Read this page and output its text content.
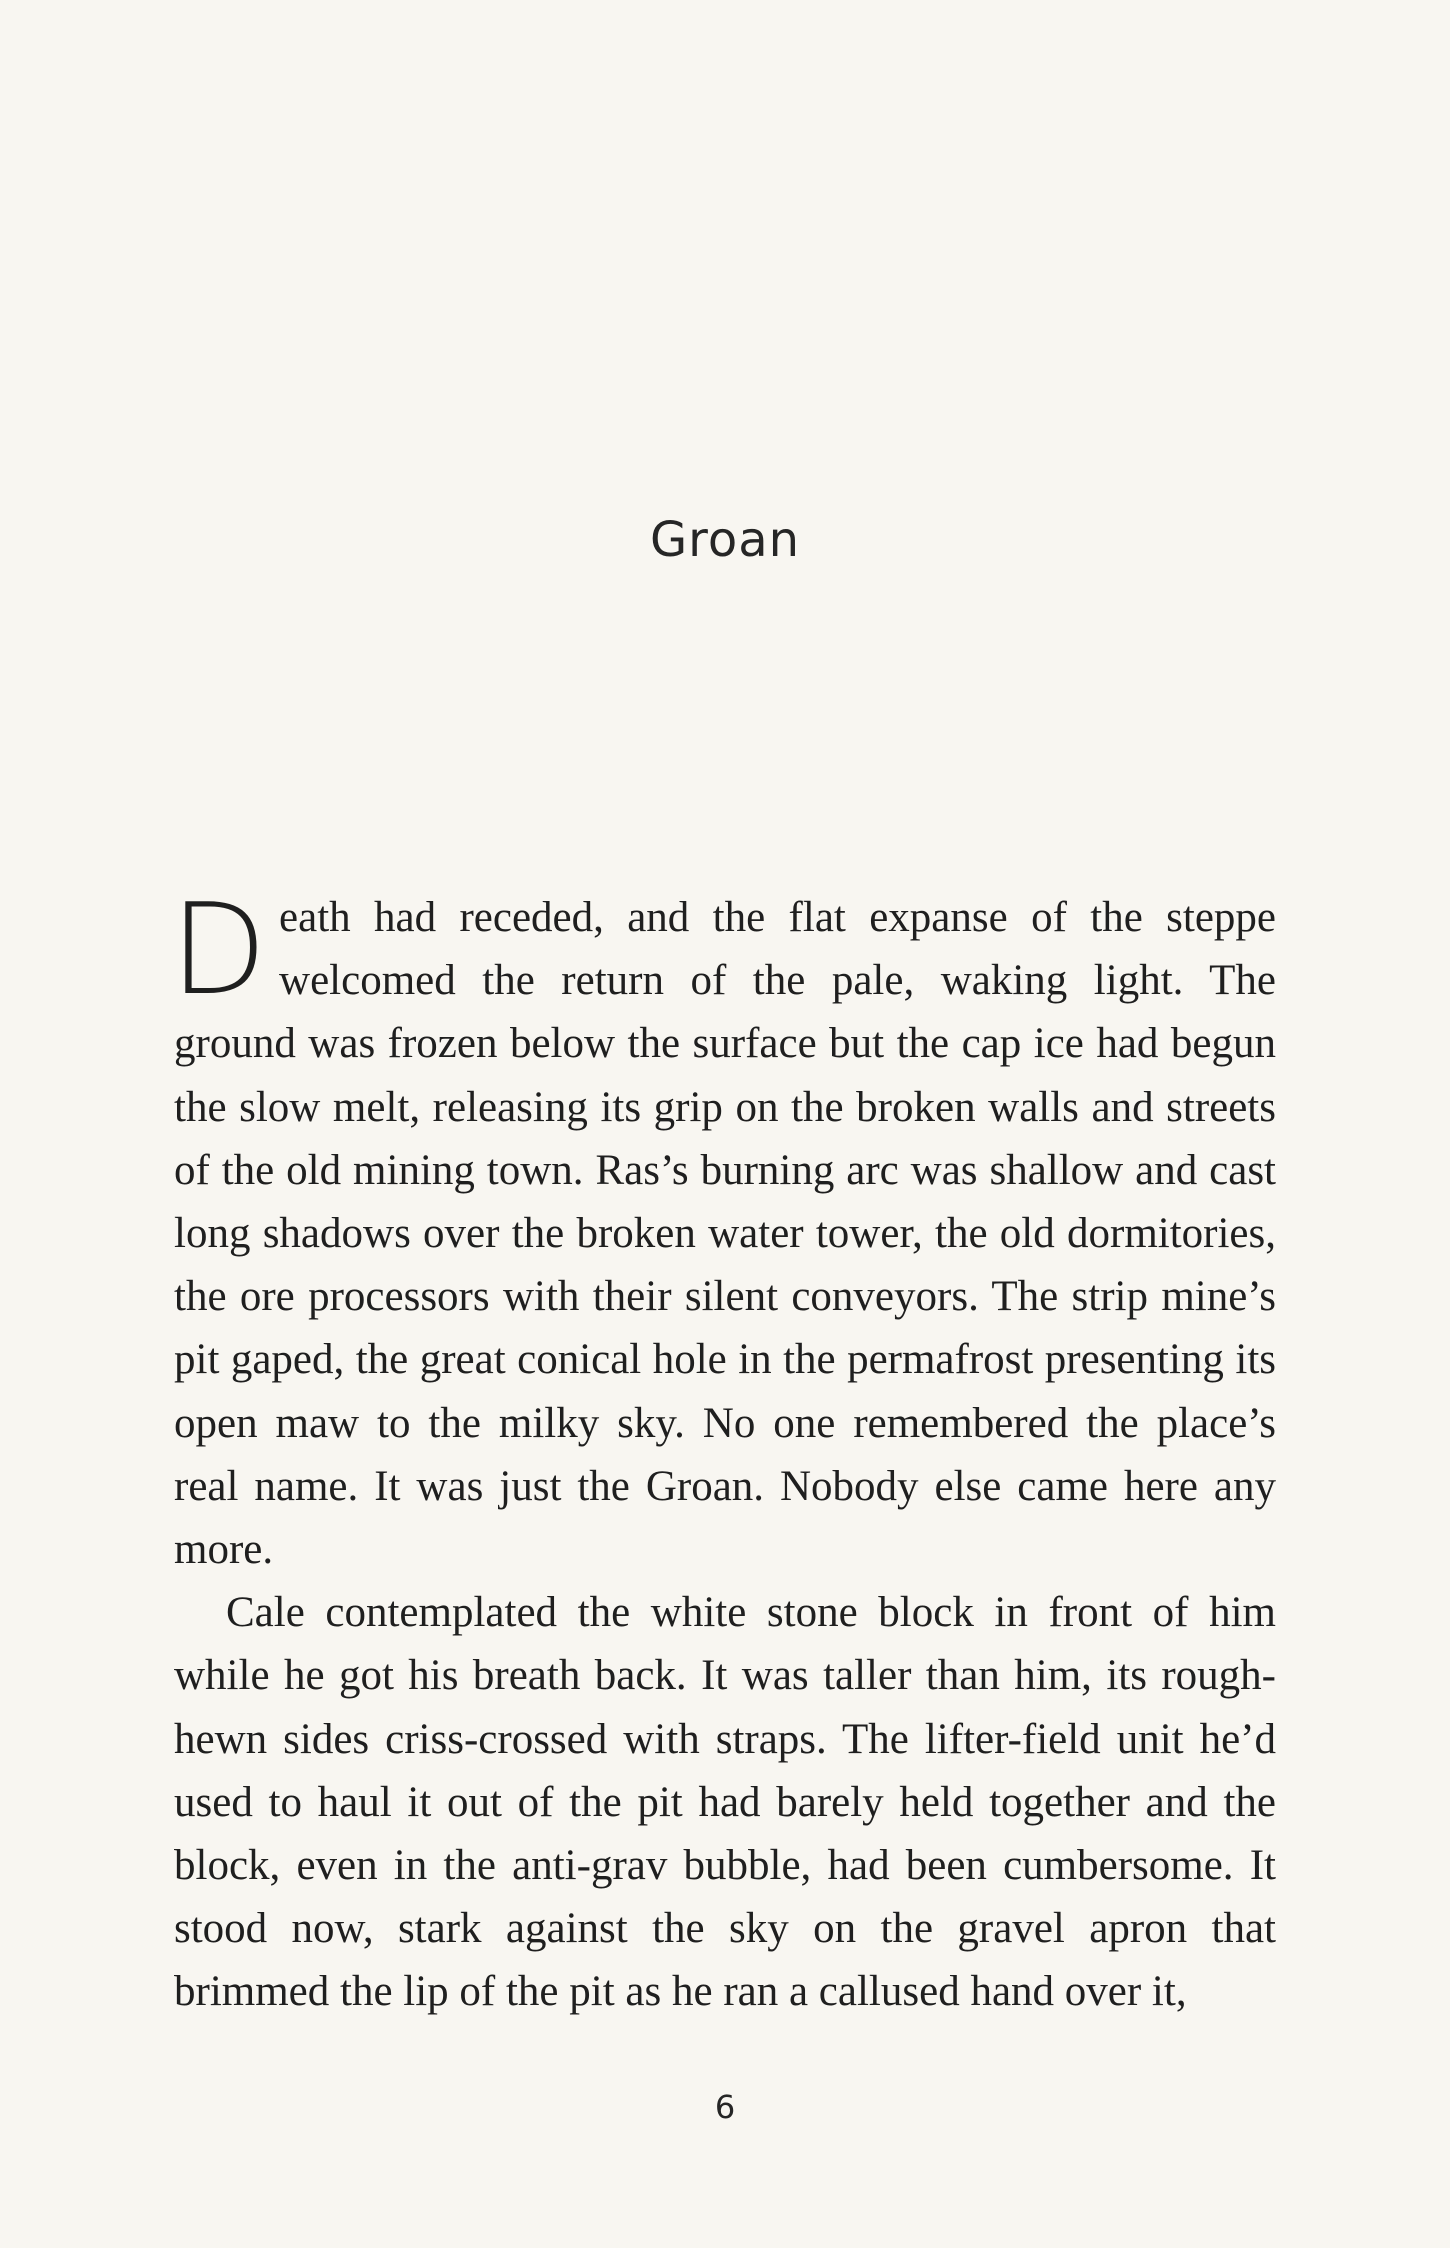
Groan

Death had receded, and the flat expanse of the steppe welcomed the return of the pale, waking light. The ground was frozen below the surface but the cap ice had begun the slow melt, releasing its grip on the broken walls and streets of the old mining town. Ras’s burning arc was shallow and cast long shadows over the broken water tower, the old dormitories, the ore processors with their silent conveyors. The strip mine’s pit gaped, the great conical hole in the permafrost presenting its open maw to the milky sky. No one remembered the place’s real name. It was just the Groan. Nobody else came here any more.

Cale contemplated the white stone block in front of him while he got his breath back. It was taller than him, its rough-hewn sides criss-crossed with straps. The lifter-field unit he’d used to haul it out of the pit had barely held together and the block, even in the anti-grav bubble, had been cumbersome. It stood now, stark against the sky on the gravel apron that brimmed the lip of the pit as he ran a callused hand over it,

6
